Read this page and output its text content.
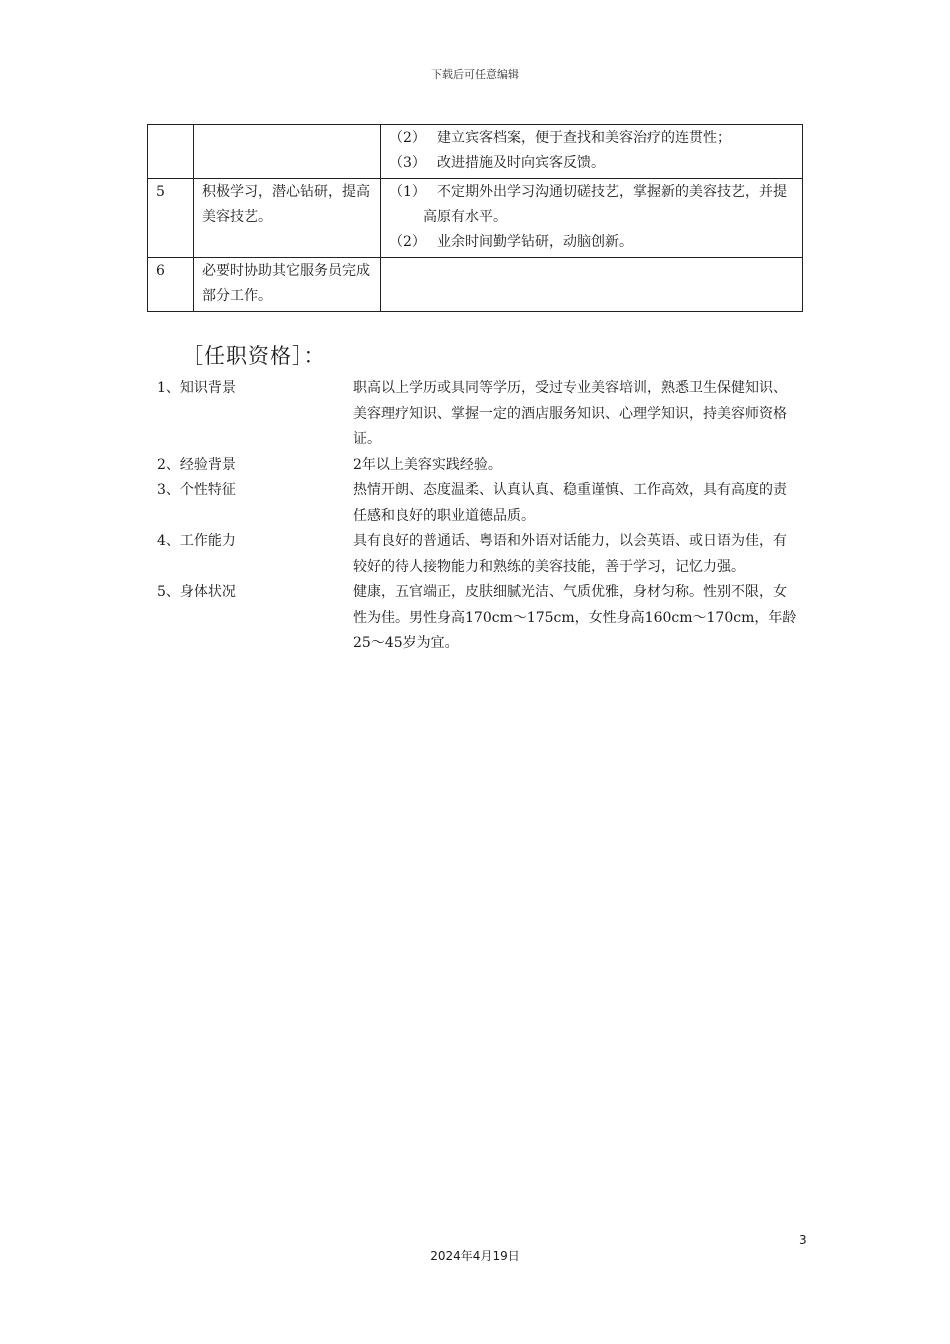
下载后可任意编辑

		（2） 建立宾客档案，便于查找和美容治疗的连贯性；
（3） 改进措施及时向宾客反馈。

5	积极学习，潜心钻研，提高美容技艺。	（1） 不定期外出学习沟通切磋技艺，掌握新的美容技艺，并提高原有水平。
（2） 业余时间勤学钻研，动脑创新。

6	必要时协助其它服务员完成部分工作。	
［任职资格］：
1、知识背景	职高以上学历或具同等学历，受过专业美容培训，熟悉卫生保健知识、美容理疗知识、掌握一定的酒店服务知识、心理学知识，持美容师资格证。
2、经验背景	2年以上美容实践经验。
3、个性特征	热情开朗、态度温柔、认真认真、稳重谨慎、工作高效，具有高度的责任感和良好的职业道德品质。
4、工作能力	具有良好的普通话、粤语和外语对话能力，以会英语、或日语为佳，有较好的待人接物能力和熟练的美容技能，善于学习，记忆力强。
5、身体状况	健康，五官端正，皮肤细腻光洁、气质优雅，身材匀称。性别不限，女性为佳。男性身高170cm～175cm，女性身高160cm～170cm，年龄25～45岁为宜。
3
2024年4月19日
